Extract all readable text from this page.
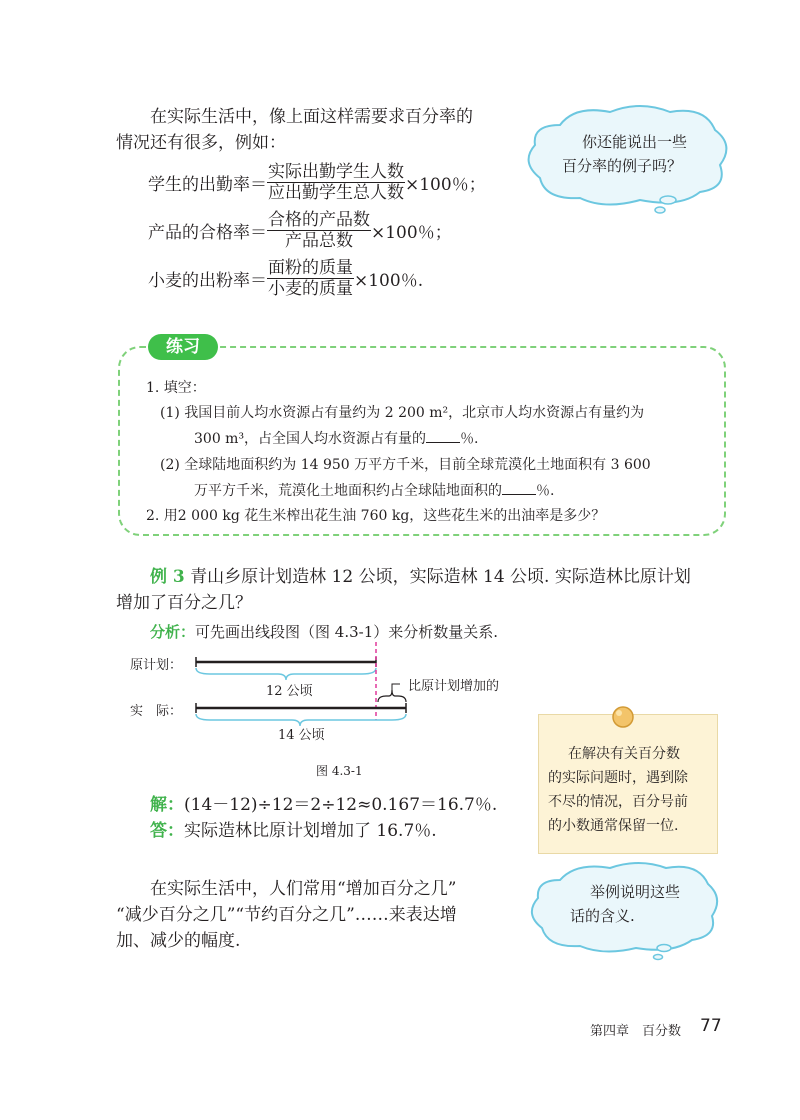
在实际生活中，像上面这样需要求百分率的
情况还有很多，例如：
学生的出勤率＝ $\frac{\text{实际出勤学生人数}}{\text{应出勤学生总人数}} \times 100$％；
产品的合格率＝ $\frac{\text{合格的产品数}}{\text{产品总数}} \times 100$％；
小麦的出粉率＝ $\frac{\text{面粉的质量}}{\text{小麦的质量}} \times 100$％.
你还能说出一些
百分率的例子吗？
练习
1. 填空：
(1) 我国目前人均水资源占有量约为 2 200 m²，北京市人均水资源占有量约为
300 m³，占全国人均水资源占有量的 ％.
(2) 全球陆地面积约为 14 950 万平方千米，目前全球荒漠化土地面积有 3 600
万平方千米，荒漠化土地面积约占全球陆地面积的 ％.
2. 用2 000 kg 花生米榨出花生油 760 kg，这些花生米的出油率是多少？
例 3 青山乡原计划造林 12 公顷，实际造林 14 公顷. 实际造林比原计划
增加了百分之几？
分析：可先画出线段图（图 4.3-1）来分析数量关系.
原计划：
实　际：
12 公顷	比原计划增加的
14 公顷
图 4.3-1
解：(14－12)÷12＝2÷12≈0.167＝16.7％.
答：实际造林比原计划增加了 16.7％.
在解决有关百分数
的实际问题时，遇到除
不尽的情况，百分号前
的小数通常保留一位.
在实际生活中，人们常用“增加百分之几”
“减少百分之几”“节约百分之几”……来表达增
加、减少的幅度.
举例说明这些
话的含义.
第四章　百分数 77
